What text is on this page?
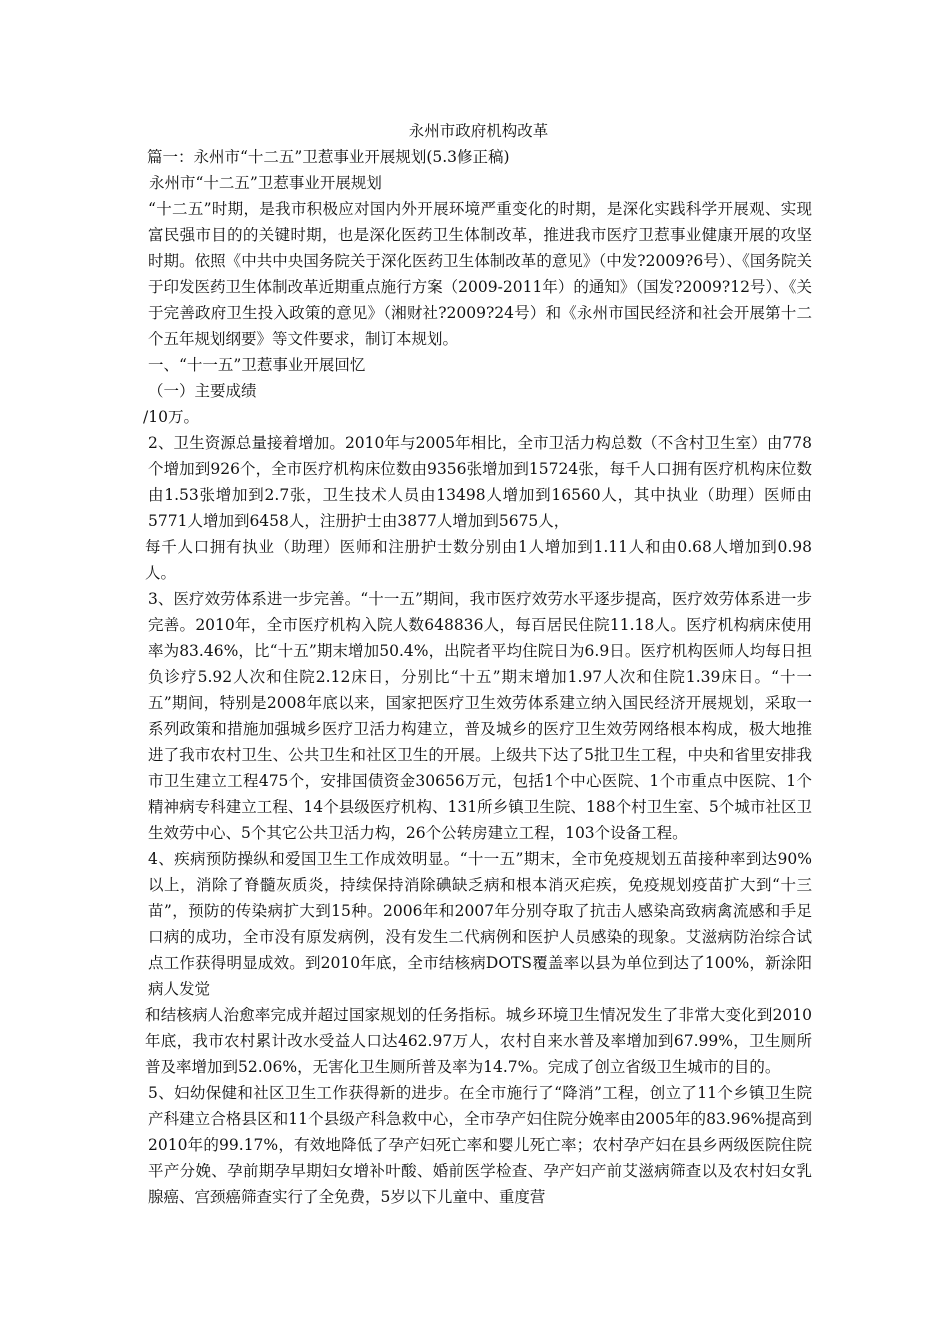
永州市政府机构改革

篇一：永州市“十二五”卫惹事业开展规划(5.3修正稿)

永州市“十二五”卫惹事业开展规划

“十二五”时期，是我市积极应对国内外开展环境严重变化的时期，是深化实践科学开展观、实现富民强市目的的关键时期，也是深化医药卫生体制改革，推进我市医疗卫惹事业健康开展的攻坚时期。依照《中共中央国务院关于深化医药卫生体制改革的意见》（中发?2009?6号）、《国务院关于印发医药卫生体制改革近期重点施行方案（2009-2011年）的通知》（国发?2009?12号）、《关于完善政府卫生投入政策的意见》（湘财社?2009?24号）和《永州市国民经济和社会开展第十二个五年规划纲要》等文件要求，制订本规划。

一、“十一五”卫惹事业开展回忆

（一）主要成绩

/10万。

2、卫生资源总量接着增加。2010年与2005年相比，全市卫活力构总数（不含村卫生室）由778个增加到926个，全市医疗机构床位数由9356张增加到15724张，每千人口拥有医疗机构床位数由1.53张增加到2.7张，卫生技术人员由13498人增加到16560人，其中执业（助理）医师由5771人增加到6458人，注册护士由3877人增加到5675人，

每千人口拥有执业（助理）医师和注册护士数分别由1人增加到1.11人和由0.68人增加到0.98人。

3、医疗效劳体系进一步完善。“十一五”期间，我市医疗效劳水平逐步提高，医疗效劳体系进一步完善。2010年，全市医疗机构入院人数648836人，每百居民住院11.18人。医疗机构病床使用率为83.46%，比“十五”期末增加50.4%，出院者平均住院日为6.9日。医疗机构医师人均每日担负诊疗5.92人次和住院2.12床日，分别比“十五”期末增加1.97人次和住院1.39床日。“十一五”期间，特别是2008年底以来，国家把医疗卫生效劳体系建立纳入国民经济开展规划，采取一系列政策和措施加强城乡医疗卫活力构建立，普及城乡的医疗卫生效劳网络根本构成，极大地推进了我市农村卫生、公共卫生和社区卫生的开展。上级共下达了5批卫生工程，中央和省里安排我市卫生建立工程475个，安排国债资金30656万元，包括1个中心医院、1个市重点中医院、1个精神病专科建立工程、14个县级医疗机构、131所乡镇卫生院、188个村卫生室、5个城市社区卫生效劳中心、5个其它公共卫活力构，26个公转房建立工程，103个设备工程。

4、疾病预防操纵和爱国卫生工作成效明显。“十一五”期末，全市免疫规划五苗接种率到达90%以上，消除了脊髓灰质炎，持续保持消除碘缺乏病和根本消灭疟疾，免疫规划疫苗扩大到“十三苗”，预防的传染病扩大到15种。2006年和2007年分别夺取了抗击人感染高致病禽流感和手足口病的成功，全市没有原发病例，没有发生二代病例和医护人员感染的现象。艾滋病防治综合试点工作获得明显成效。到2010年底，全市结核病DOTS覆盖率以县为单位到达了100%，新涂阳病人发觉

和结核病人治愈率完成并超过国家规划的任务指标。城乡环境卫生情况发生了非常大变化到2010年底，我市农村累计改水受益人口达462.97万人，农村自来水普及率增加到67.99%，卫生厕所普及率增加到52.06%，无害化卫生厕所普及率为14.7%。完成了创立省级卫生城市的目的。

5、妇幼保健和社区卫生工作获得新的进步。在全市施行了“降消”工程，创立了11个乡镇卫生院产科建立合格县区和11个县级产科急救中心，全市孕产妇住院分娩率由2005年的83.96%提高到2010年的99.17%，有效地降低了孕产妇死亡率和婴儿死亡率；农村孕产妇在县乡两级医院住院平产分娩、孕前期孕早期妇女增补叶酸、婚前医学检查、孕产妇产前艾滋病筛查以及农村妇女乳腺癌、宫颈癌筛查实行了全免费，5岁以下儿童中、重度营
